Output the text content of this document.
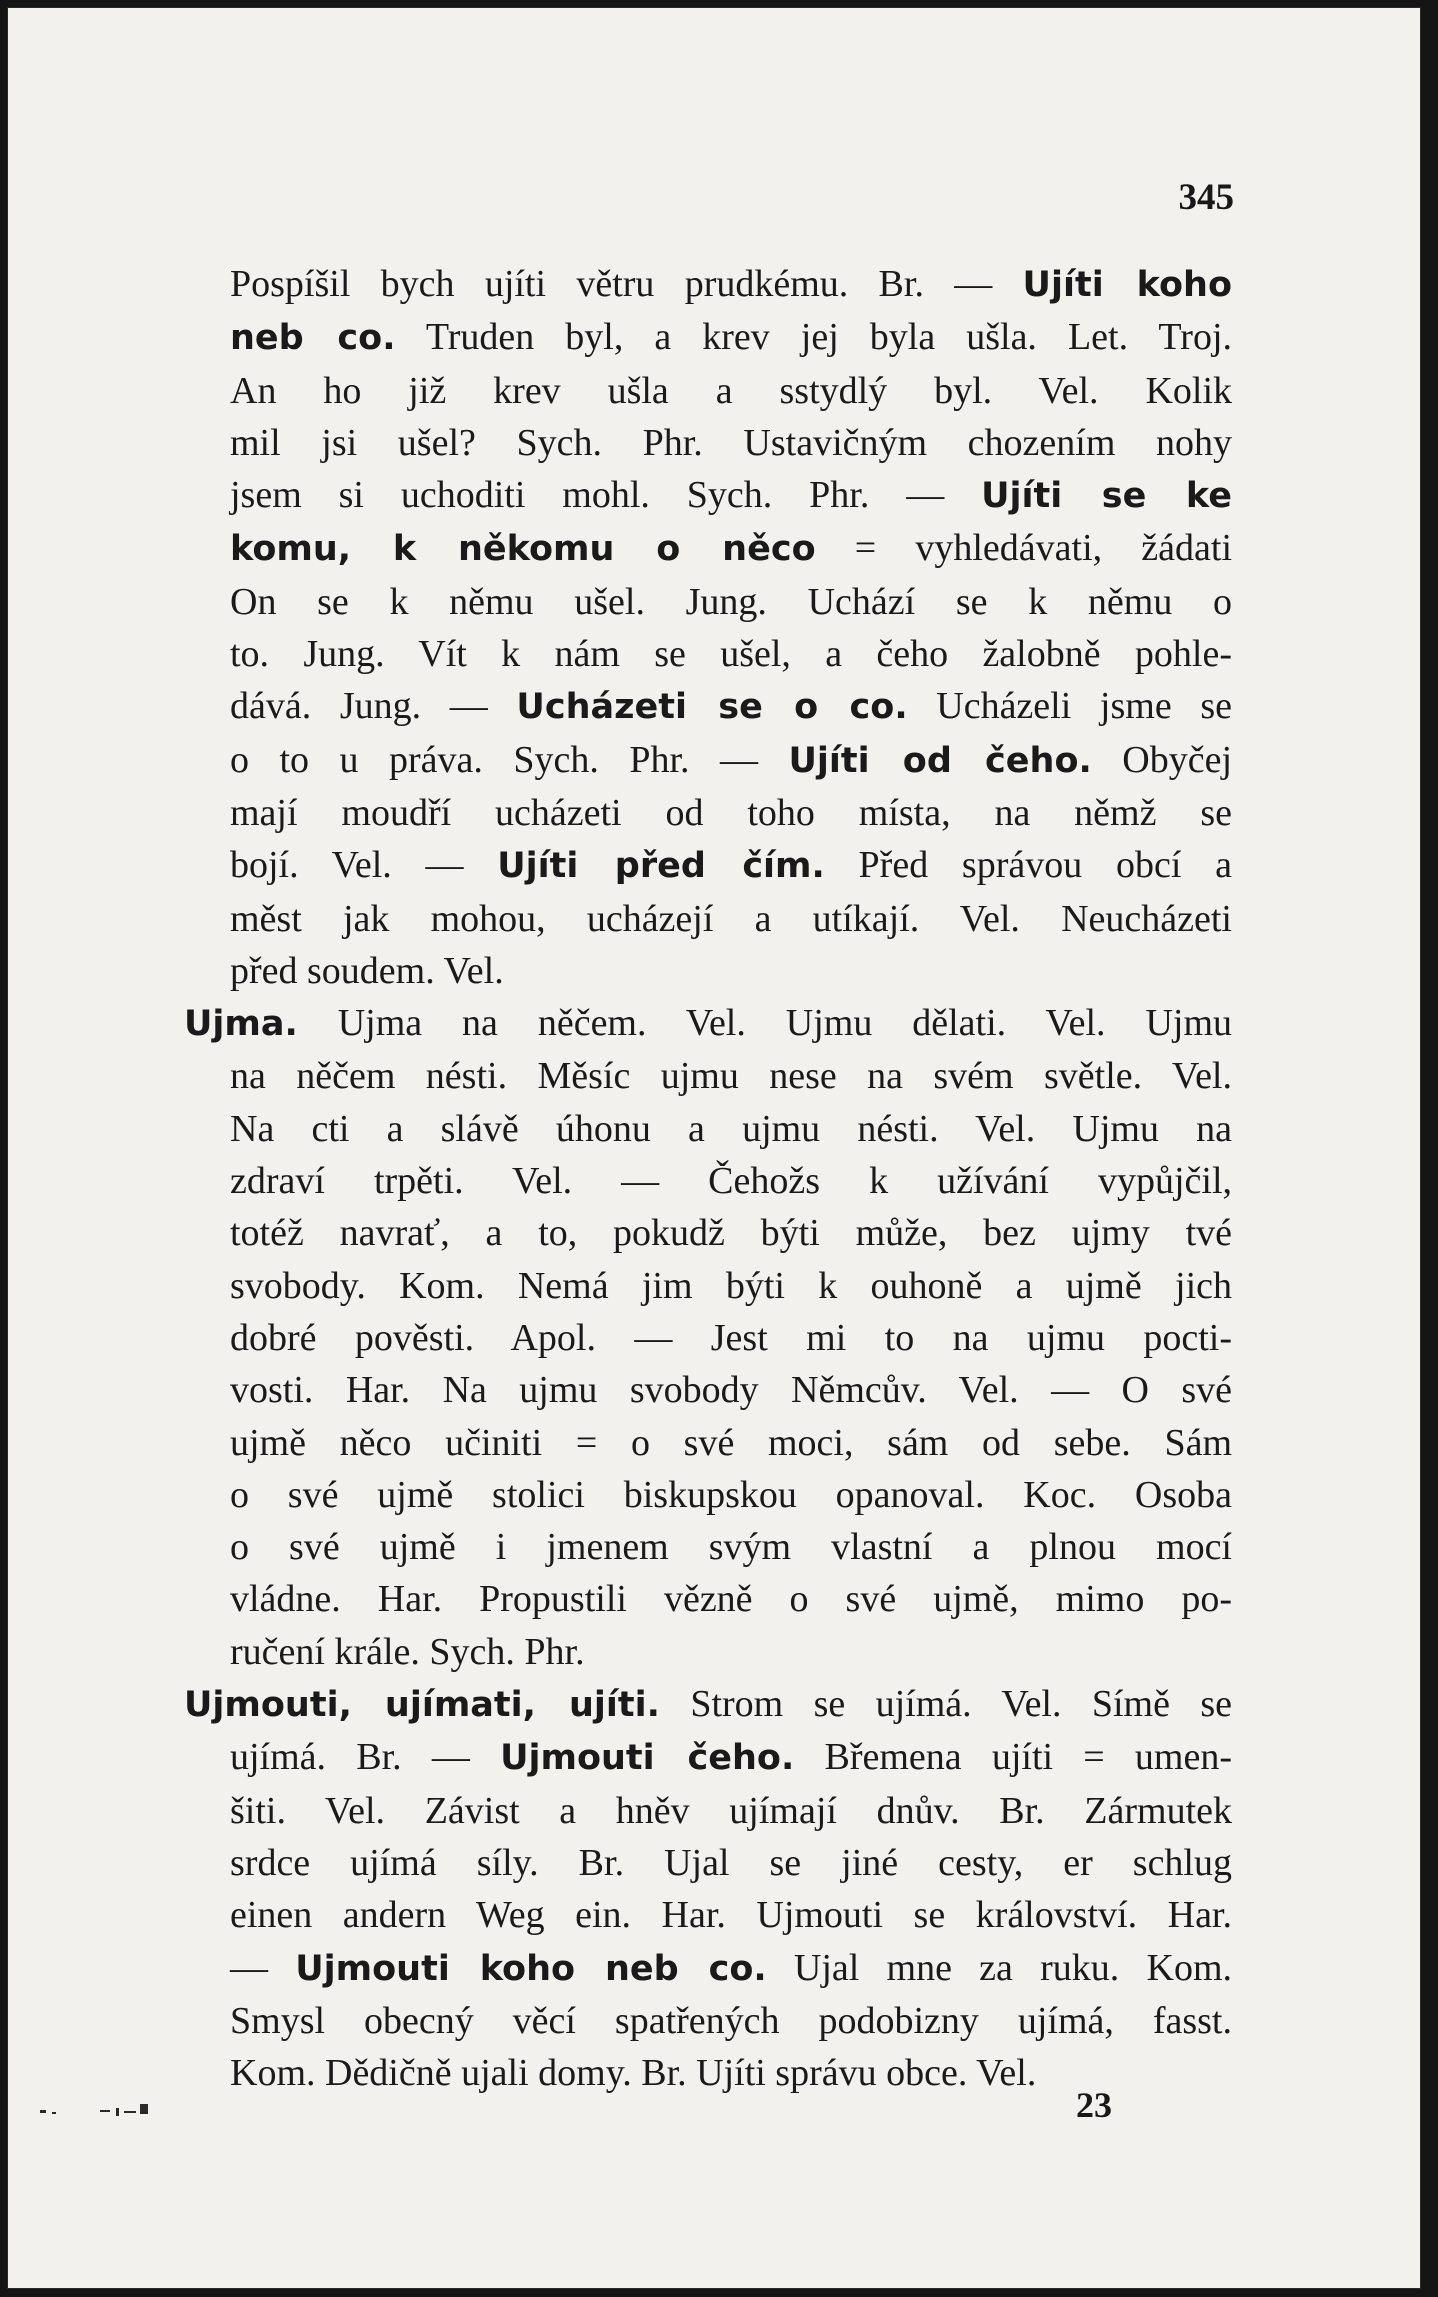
345
Pospíšil bych ujíti větru prudkému. Br. — Ujíti koho
neb co. Truden byl, a krev jej byla ušla. Let. Troj.
An ho již krev ušla a sstydlý byl. Vel. Kolik
mil jsi ušel? Sych. Phr. Ustavičným chozením nohy
jsem si uchoditi mohl. Sych. Phr. — Ujíti se ke
komu, k někomu o něco = vyhledávati, žádati
On se k němu ušel. Jung. Uchází se k němu o
to. Jung. Vít k nám se ušel, a čeho žalobně pohle-
dává. Jung. — Ucházeti se o co. Ucházeli jsme se
o to u práva. Sych. Phr. — Ujíti od čeho. Obyčej
mají moudří ucházeti od toho místa, na němž se
bojí. Vel. — Ujíti před čím. Před správou obcí a
měst jak mohou, ucházejí a utíkají. Vel. Neucházeti
před soudem. Vel.
Ujma. Ujma na něčem. Vel. Ujmu dělati. Vel. Ujmu
na něčem nésti. Měsíc ujmu nese na svém světle. Vel.
Na cti a slávě úhonu a ujmu nésti. Vel. Ujmu na
zdraví trpěti. Vel. — Čehožs k užívání vypůjčil,
totéž navrať, a to, pokudž býti může, bez ujmy tvé
svobody. Kom. Nemá jim býti k ouhoně a ujmě jich
dobré pověsti. Apol. — Jest mi to na ujmu pocti-
vosti. Har. Na ujmu svobody Němcův. Vel. — O své
ujmě něco učiniti = o své moci, sám od sebe. Sám
o své ujmě stolici biskupskou opanoval. Koc. Osoba
o své ujmě i jmenem svým vlastní a plnou mocí
vládne. Har. Propustili vězně o své ujmě, mimo po-
ručení krále. Sych. Phr.
Ujmouti, ujímati, ujíti. Strom se ujímá. Vel. Símě se
ujímá. Br. — Ujmouti čeho. Břemena ujíti = umen-
šiti. Vel. Závist a hněv ujímají dnův. Br. Zármutek
srdce ujímá síly. Br. Ujal se jiné cesty, er schlug
einen andern Weg ein. Har. Ujmouti se království. Har.
— Ujmouti koho neb co. Ujal mne za ruku. Kom.
Smysl obecný věcí spatřených podobizny ujímá, fasst.
Kom. Dědičně ujali domy. Br. Ujíti správu obce. Vel.
23
